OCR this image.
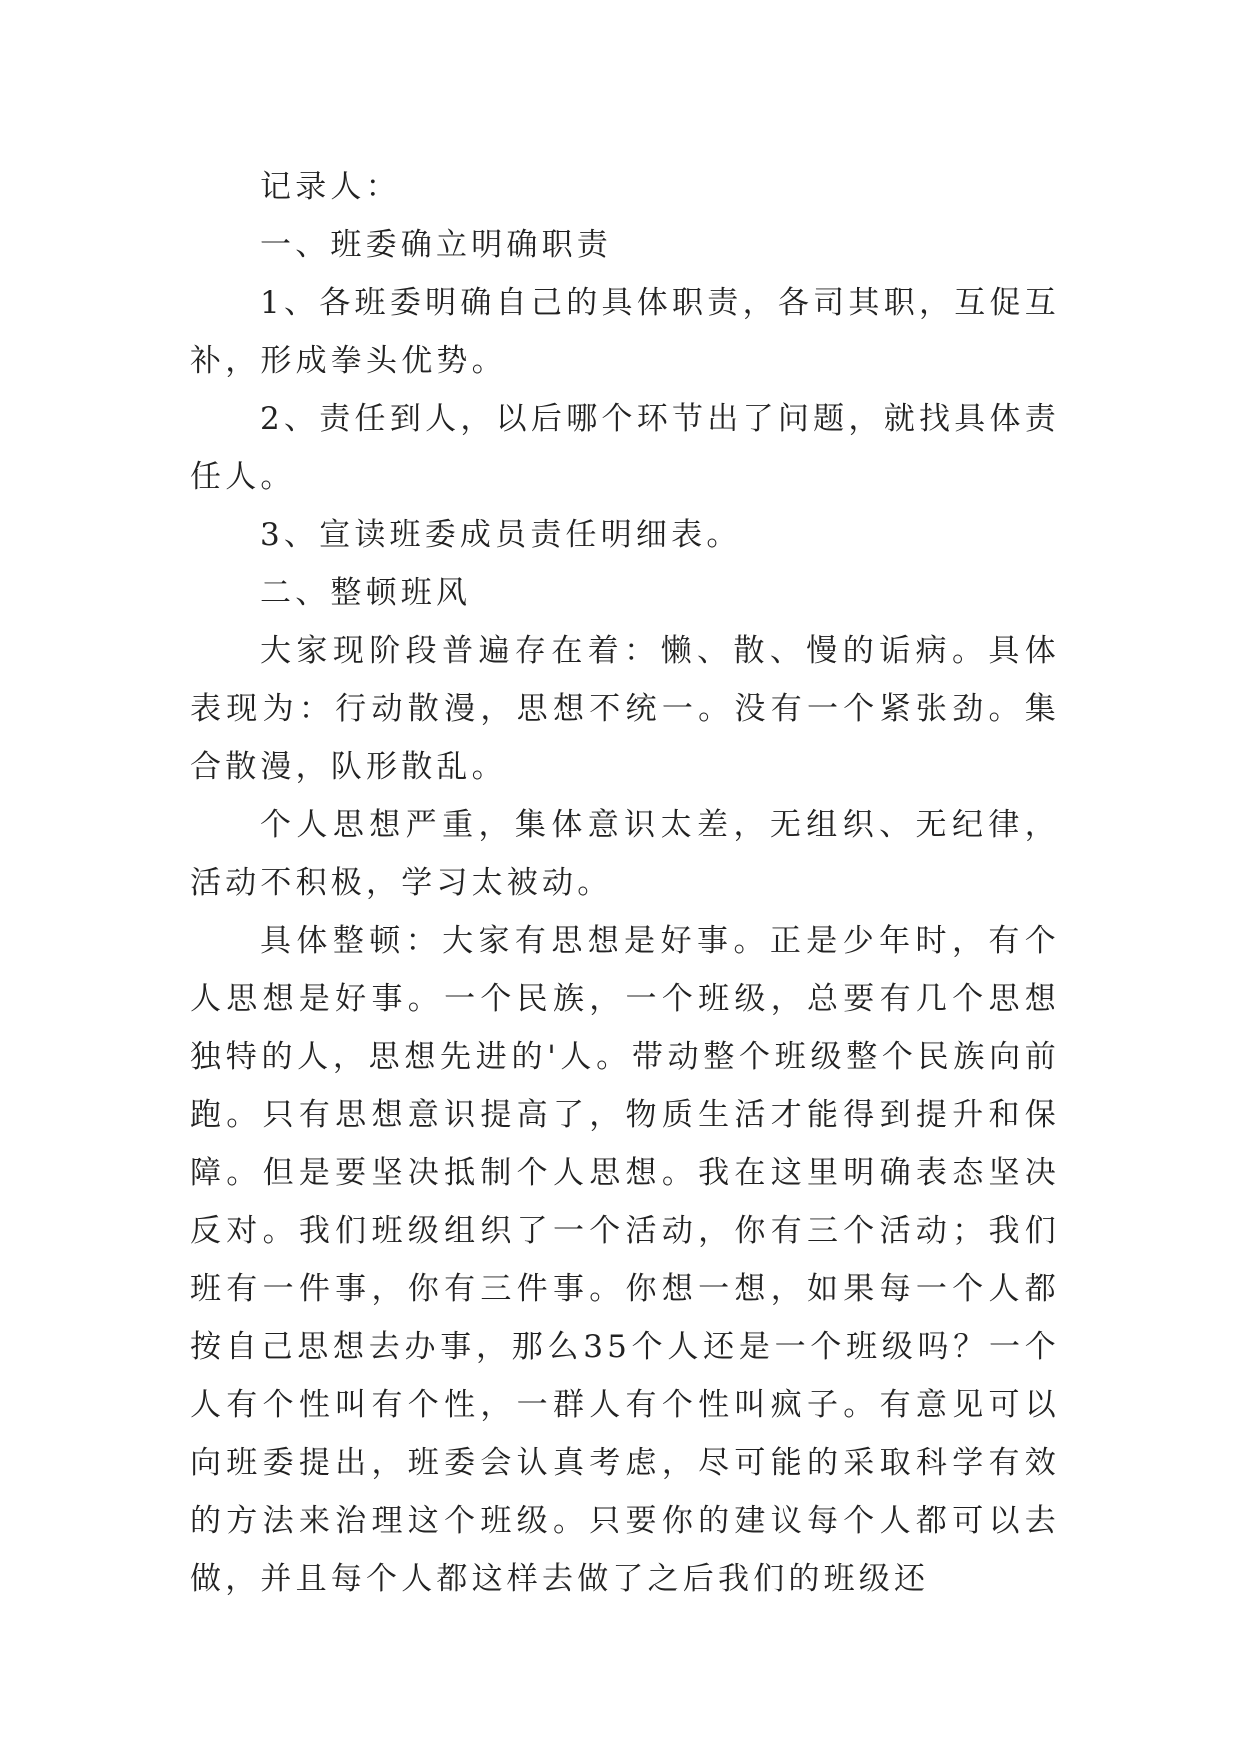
记录人：

一、班委确立明确职责

1、各班委明确自己的具体职责，各司其职，互促互补，形成拳头优势。

2、责任到人，以后哪个环节出了问题，就找具体责任人。

3、宣读班委成员责任明细表。

二、整顿班风

大家现阶段普遍存在着：懒、散、慢的诟病。具体表现为：行动散漫，思想不统一。没有一个紧张劲。集合散漫，队形散乱。

个人思想严重，集体意识太差，无组织、无纪律，活动不积极，学习太被动。

具体整顿：大家有思想是好事。正是少年时，有个人思想是好事。一个民族，一个班级，总要有几个思想独特的人，思想先进的'人。带动整个班级整个民族向前跑。只有思想意识提高了，物质生活才能得到提升和保障。但是要坚决抵制个人思想。我在这里明确表态坚决反对。我们班级组织了一个活动，你有三个活动；我们班有一件事，你有三件事。你想一想，如果每一个人都按自己思想去办事，那么35个人还是一个班级吗？一个人有个性叫有个性，一群人有个性叫疯子。有意见可以向班委提出，班委会认真考虑，尽可能的采取科学有效的方法来治理这个班级。只要你的建议每个人都可以去做，并且每个人都这样去做了之后我们的班级还
